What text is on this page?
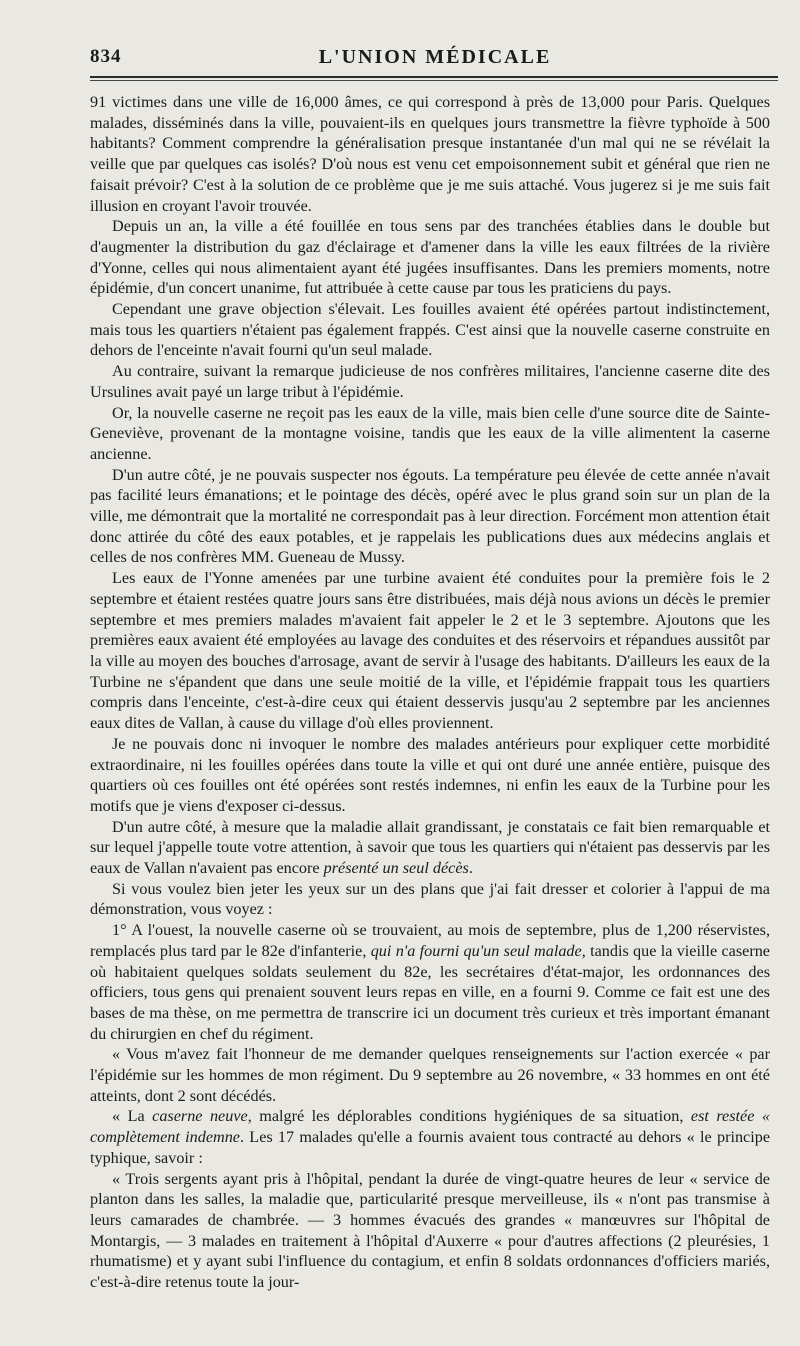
834	L'UNION MÉDICALE

91 victimes dans une ville de 16,000 âmes, ce qui correspond à près de 13,000 pour Paris. Quelques malades, disséminés dans la ville, pouvaient-ils en quelques jours transmettre la fièvre typhoïde à 500 habitants? Comment comprendre la généralisation presque instantanée d'un mal qui ne se révélait la veille que par quelques cas isolés? D'où nous est venu cet empoisonnement subit et général que rien ne faisait prévoir? C'est à la solution de ce problème que je me suis attaché. Vous jugerez si je me suis fait illusion en croyant l'avoir trouvée.

Depuis un an, la ville a été fouillée en tous sens par des tranchées établies dans le double but d'augmenter la distribution du gaz d'éclairage et d'amener dans la ville les eaux filtrées de la rivière d'Yonne, celles qui nous alimentaient ayant été jugées insuffisantes. Dans les premiers moments, notre épidémie, d'un concert unanime, fut attribuée à cette cause par tous les praticiens du pays.

Cependant une grave objection s'élevait. Les fouilles avaient été opérées partout indistinctement, mais tous les quartiers n'étaient pas également frappés. C'est ainsi que la nouvelle caserne construite en dehors de l'enceinte n'avait fourni qu'un seul malade.

Au contraire, suivant la remarque judicieuse de nos confrères militaires, l'ancienne caserne dite des Ursulines avait payé un large tribut à l'épidémie.

Or, la nouvelle caserne ne reçoit pas les eaux de la ville, mais bien celle d'une source dite de Sainte-Geneviève, provenant de la montagne voisine, tandis que les eaux de la ville alimentent la caserne ancienne.

D'un autre côté, je ne pouvais suspecter nos égouts. La température peu élevée de cette année n'avait pas facilité leurs émanations; et le pointage des décès, opéré avec le plus grand soin sur un plan de la ville, me démontrait que la mortalité ne correspondait pas à leur direction. Forcément mon attention était donc attirée du côté des eaux potables, et je rappelais les publications dues aux médecins anglais et celles de nos confrères MM. Gueneau de Mussy.

Les eaux de l'Yonne amenées par une turbine avaient été conduites pour la première fois le 2 septembre et étaient restées quatre jours sans être distribuées, mais déjà nous avions un décès le premier septembre et mes premiers malades m'avaient fait appeler le 2 et le 3 septembre. Ajoutons que les premières eaux avaient été employées au lavage des conduites et des réservoirs et répandues aussitôt par la ville au moyen des bouches d'arrosage, avant de servir à l'usage des habitants. D'ailleurs les eaux de la Turbine ne s'épandent que dans une seule moitié de la ville, et l'épidémie frappait tous les quartiers compris dans l'enceinte, c'est-à-dire ceux qui étaient desservis jusqu'au 2 septembre par les anciennes eaux dites de Vallan, à cause du village d'où elles proviennent.

Je ne pouvais donc ni invoquer le nombre des malades antérieurs pour expliquer cette morbidité extraordinaire, ni les fouilles opérées dans toute la ville et qui ont duré une année entière, puisque des quartiers où ces fouilles ont été opérées sont restés indemnes, ni enfin les eaux de la Turbine pour les motifs que je viens d'exposer ci-dessus.

D'un autre côté, à mesure que la maladie allait grandissant, je constatais ce fait bien remarquable et sur lequel j'appelle toute votre attention, à savoir que tous les quartiers qui n'étaient pas desservis par les eaux de Vallan n'avaient pas encore présenté un seul décès.

Si vous voulez bien jeter les yeux sur un des plans que j'ai fait dresser et colorier à l'appui de ma démonstration, vous voyez :

1° A l'ouest, la nouvelle caserne où se trouvaient, au mois de septembre, plus de 1,200 réservistes, remplacés plus tard par le 82e d'infanterie, qui n'a fourni qu'un seul malade, tandis que la vieille caserne où habitaient quelques soldats seulement du 82e, les secrétaires d'état-major, les ordonnances des officiers, tous gens qui prenaient souvent leurs repas en ville, en a fourni 9. Comme ce fait est une des bases de ma thèse, on me permettra de transcrire ici un document très curieux et très important émanant du chirurgien en chef du régiment.

« Vous m'avez fait l'honneur de me demander quelques renseignements sur l'action exercée « par l'épidémie sur les hommes de mon régiment. Du 9 septembre au 26 novembre, « 33 hommes en ont été atteints, dont 2 sont décédés.

« La caserne neuve, malgré les déplorables conditions hygiéniques de sa situation, est restée « complètement indemne. Les 17 malades qu'elle a fournis avaient tous contracté au dehors « le principe typhique, savoir :

« Trois sergents ayant pris à l'hôpital, pendant la durée de vingt-quatre heures de leur « service de planton dans les salles, la maladie que, particularité presque merveilleuse, ils « n'ont pas transmise à leurs camarades de chambrée. — 3 hommes évacués des grandes « manœuvres sur l'hôpital de Montargis, — 3 malades en traitement à l'hôpital d'Auxerre « pour d'autres affections (2 pleurésies, 1 rhumatisme) et y ayant subi l'influence du contagium, et enfin 8 soldats ordonnances d'officiers mariés, c'est-à-dire retenus toute la jour-
